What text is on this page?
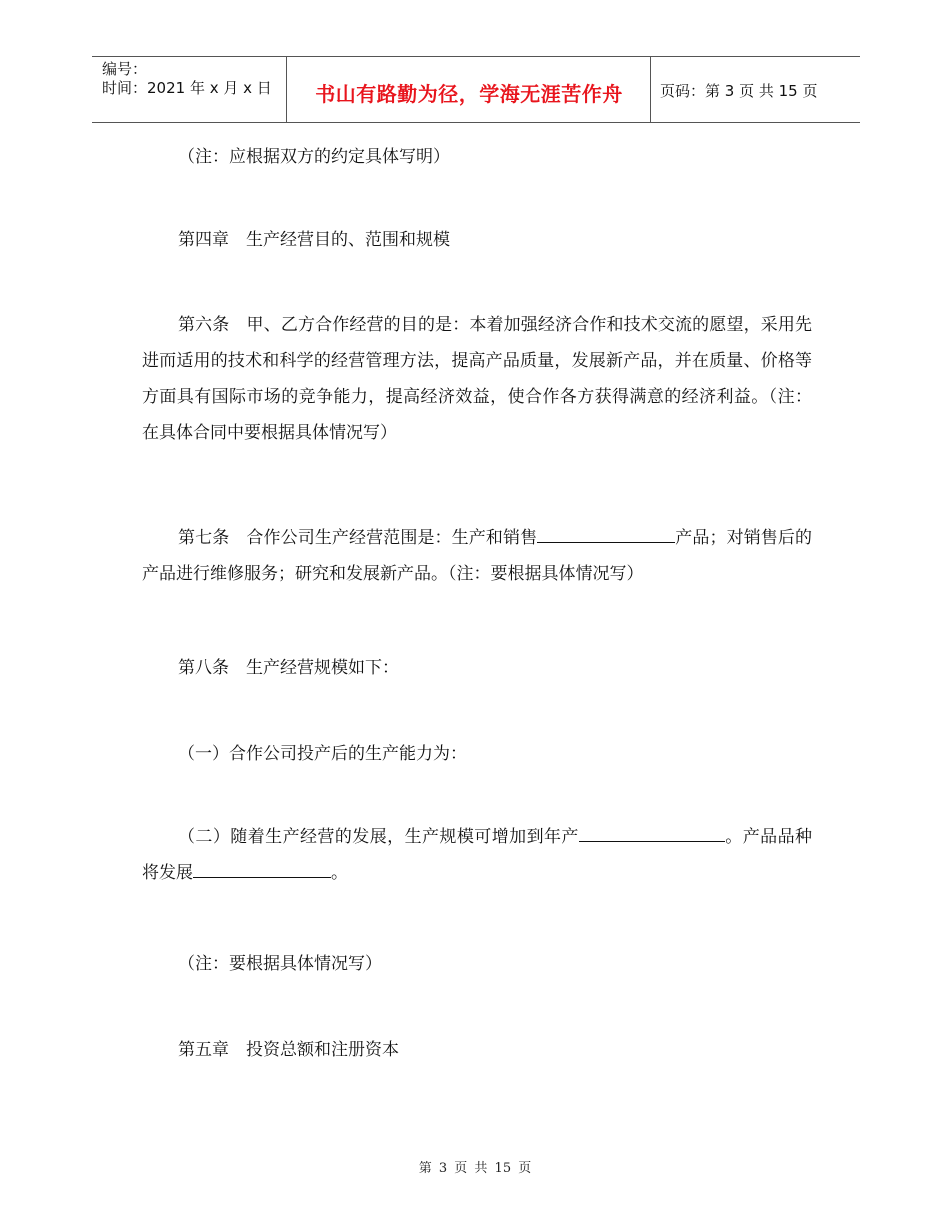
编号：
时间：2021 年 x 月 x 日	书山有路勤为径，学海无涯苦作舟	页码：第 3 页 共 15 页
（注：应根据双方的约定具体写明）
第四章　生产经营目的、范围和规模
第六条　甲、乙方合作经营的目的是：本着加强经济合作和技术交流的愿望，采用先进而适用的技术和科学的经营管理方法，提高产品质量，发展新产品，并在质量、价格等方面具有国际市场的竞争能力，提高经济效益，使合作各方获得满意的经济利益。（注：在具体合同中要根据具体情况写）
第七条　合作公司生产经营范围是：生产和销售	产品；对销售后的产品进行维修服务；研究和发展新产品。（注：要根据具体情况写）
第八条　生产经营规模如下：
（一）合作公司投产后的生产能力为：
（二）随着生产经营的发展，生产规模可增加到年产	。产品品种将发展	。
（注：要根据具体情况写）
第五章　投资总额和注册资本
第 3 页 共 15 页
